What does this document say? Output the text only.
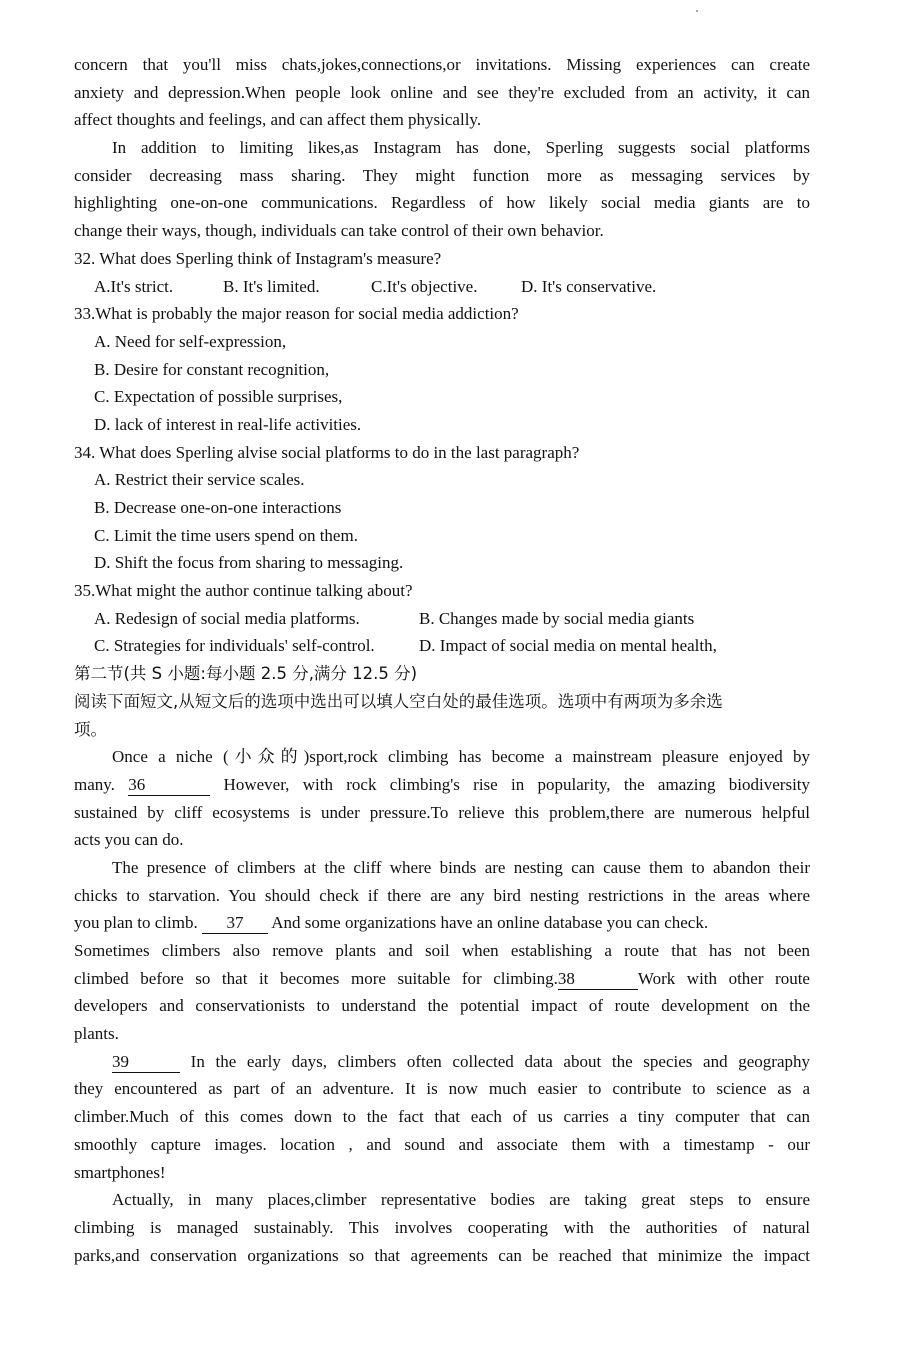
concern that you'll miss chats,jokes,connections,or invitations. Missing experiences can create
anxiety and depression.When people look online and see they're excluded from an activity, it can
affect thoughts and feelings, and can affect them physically.
In addition to limiting likes,as Instagram has done, Sperling suggests social platforms
consider decreasing mass sharing. They might function more as messaging services by
highlighting one-on-one communications. Regardless of how likely social media giants are to
change their ways, though, individuals can take control of their own behavior.
32. What does Sperling think of Instagram's measure?
A.It's strict.	B. It's limited.	C.It's objective.	D. It's conservative.
33.What is probably the major reason for social media addiction?
A. Need for self-expression,
B. Desire for constant recognition,
C. Expectation of possible surprises,
D. lack of interest in real-life activities.
34. What does Sperling alvise social platforms to do in the last paragraph?
A. Restrict their service scales.
B. Decrease one-on-one interactions
C. Limit the time users spend on them.
D. Shift the focus from sharing to messaging.
35.What might the author continue talking about?
A. Redesign of social media platforms.	B. Changes made by social media giants
C. Strategies for individuals' self-control.	D. Impact of social media on mental health,
第二节(共 S 小题:每小题 2.5 分,满分 12.5 分)
阅读下面短文,从短文后的选项中选出可以填人空白处的最佳选项。选项中有两项为多余选
项。
Once a niche (小众的)sport,rock climbing has become a mainstream pleasure enjoyed by
many. 36	However, with rock climbing's rise in popularity, the amazing biodiversity
sustained by cliff ecosystems is under pressure.To relieve this problem,there are numerous helpful
acts you can do.
The presence of climbers at the cliff where binds are nesting can cause them to abandon their
chicks to starvation. You should check if there are any bird nesting restrictions in the areas where
you plan to climb. 37 And some organizations have an online database you can check.
Sometimes climbers also remove plants and soil when establishing a route that has not been
climbed before so that it becomes more suitable for climbing.38	Work with other route
developers and conservationists to understand the potential impact of route development on the
plants.
39	In the early days, climbers often collected data about the species and geography
they encountered as part of an adventure. It is now much easier to contribute to science as a
climber.Much of this comes down to the fact that each of us carries a tiny computer that can
smoothly capture images. location , and sound and associate them with a timestamp - our
smartphones!
Actually, in many places,climber representative bodies are taking great steps to ensure
climbing is managed sustainably. This involves cooperating with the authorities of natural
parks,and conservation organizations so that agreements can be reached that minimize the impact
